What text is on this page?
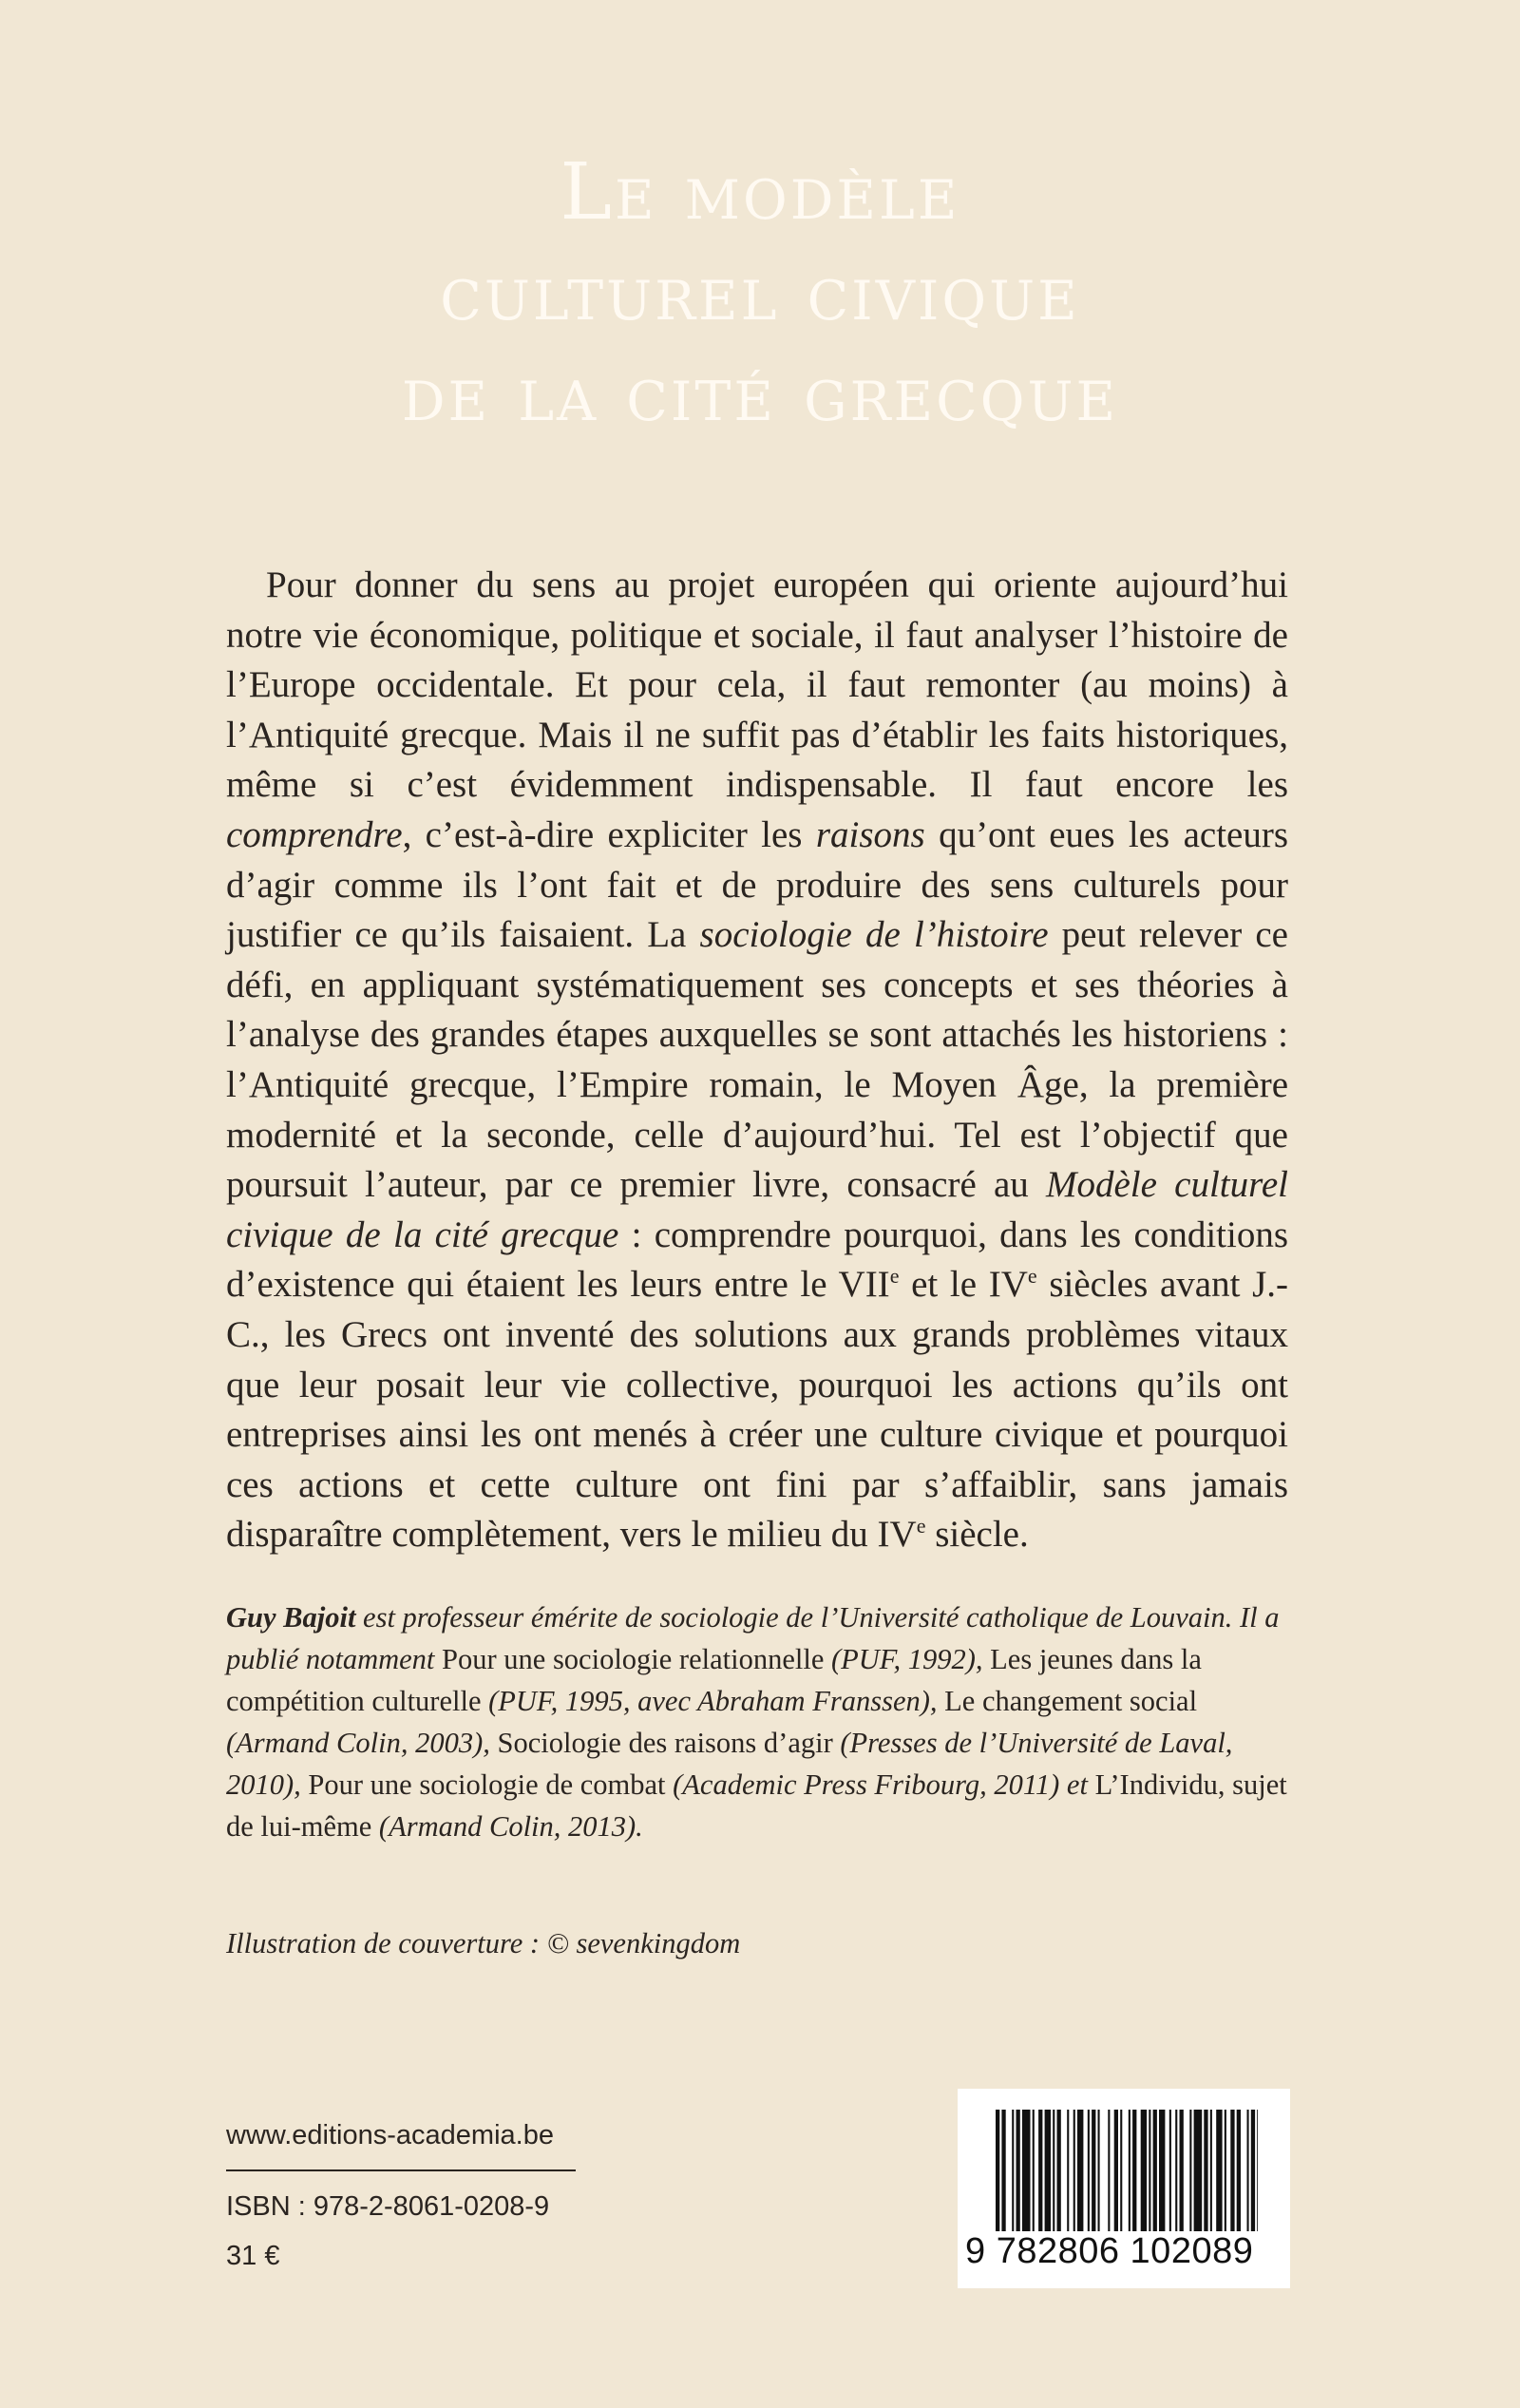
Le modèle
culturel civique
de la cité grecque

Pour donner du sens au projet européen qui oriente aujourd’hui notre vie économique, politique et sociale, il faut analyser l’histoire de l’Europe occidentale. Et pour cela, il faut remonter (au moins) à l’Antiquité grecque. Mais il ne suffit pas d’établir les faits historiques, même si c’est évidemment indispensable. Il faut encore les comprendre, c’est-à-dire expliciter les raisons qu’ont eues les acteurs d’agir comme ils l’ont fait et de produire des sens culturels pour justifier ce qu’ils faisaient. La sociologie de l’histoire peut relever ce défi, en appliquant systématiquement ses concepts et ses théories à l’analyse des grandes étapes auxquelles se sont attachés les historiens : l’Antiquité grecque, l’Empire romain, le Moyen Âge, la première modernité et la seconde, celle d’aujourd’hui. Tel est l’objectif que poursuit l’auteur, par ce premier livre, consacré au Modèle culturel civique de la cité grecque : comprendre pourquoi, dans les conditions d’existence qui étaient les leurs entre le VIIe et le IVe siècles avant J.-C., les Grecs ont inventé des solutions aux grands problèmes vitaux que leur posait leur vie collective, pourquoi les actions qu’ils ont entreprises ainsi les ont menés à créer une culture civique et pourquoi ces actions et cette culture ont fini par s’affaiblir, sans jamais disparaître complètement, vers le milieu du IVe siècle.

Guy Bajoit est professeur émérite de sociologie de l’Université catholique de Louvain. Il a publié notamment Pour une sociologie relationnelle (PUF, 1992), Les jeunes dans la compétition culturelle (PUF, 1995, avec Abraham Franssen), Le changement social (Armand Colin, 2003), Sociologie des raisons d’agir (Presses de l’Université de Laval, 2010), Pour une sociologie de combat (Academic Press Fribourg, 2011) et L’Individu, sujet de lui-même (Armand Colin, 2013).

Illustration de couverture : © sevenkingdom
www.editions-academia.be
ISBN : 978-2-8061-0208-9
31 €	9 782806 102089
